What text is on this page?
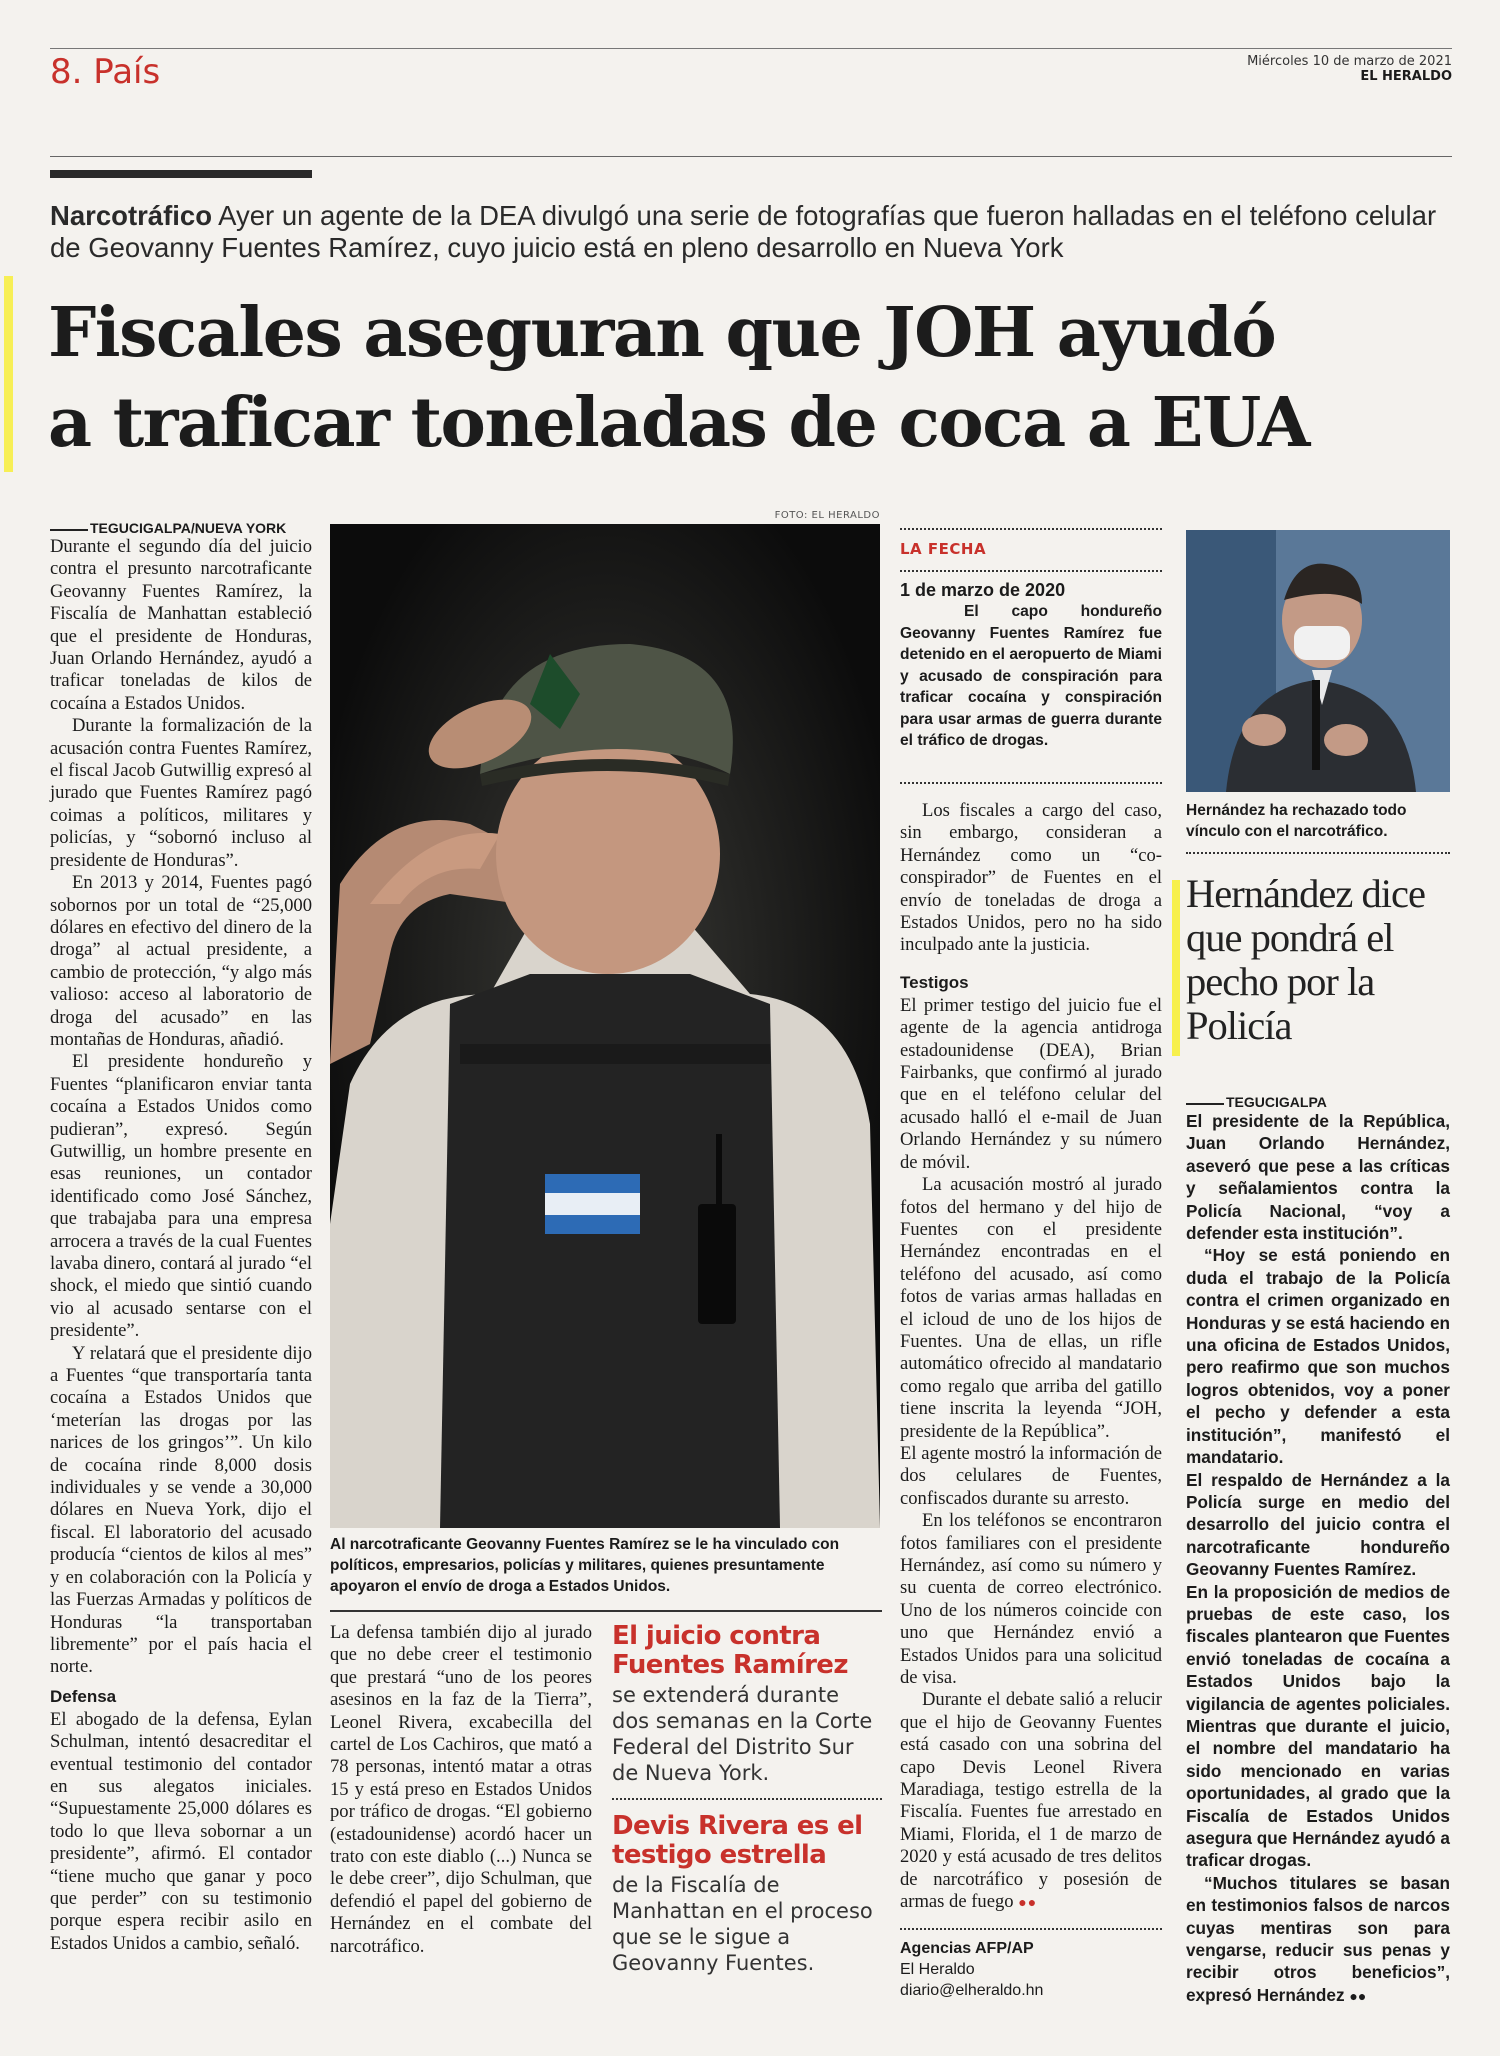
8. País	Miércoles 10 de marzo de 2021
EL HERALDO
Narcotráfico Ayer un agente de la DEA divulgó una serie de fotografías que fueron halladas en el teléfono celular de Geovanny Fuentes Ramírez, cuyo juicio está en pleno desarrollo en Nueva York
Fiscales aseguran que JOH ayudó
a traficar toneladas de coca a EUA
TEGUCIGALPA/NUEVA YORK

Durante el segundo día del juicio contra el presunto narcotraficante Geovanny Fuentes Ramírez, la Fiscalía de Manhattan estableció que el presidente de Honduras, Juan Orlando Hernández, ayudó a traficar toneladas de kilos de cocaína a Estados Unidos.

Durante la formalización de la acusación contra Fuentes Ramírez, el fiscal Jacob Gutwillig expresó al jurado que Fuentes Ramírez pagó coimas a políticos, militares y policías, y “sobornó incluso al presidente de Honduras”.

En 2013 y 2014, Fuentes pagó sobornos por un total de “25,000 dólares en efectivo del dinero de la droga” al actual presidente, a cambio de protección, “y algo más valioso: acceso al laboratorio de droga del acusado” en las montañas de Honduras, añadió.

El presidente hondureño y Fuentes “planificaron enviar tanta cocaína a Estados Unidos como pudieran”, expresó. Según Gutwillig, un hombre presente en esas reuniones, un contador identificado como José Sánchez, que trabajaba para una empresa arrocera a través de la cual Fuentes lavaba dinero, contará al jurado “el shock, el miedo que sintió cuando vio al acusado sentarse con el presidente”.

Y relatará que el presidente dijo a Fuentes “que transportaría tanta cocaína a Estados Unidos que ‘meterían las drogas por las narices de los gringos’”. Un kilo de cocaína rinde 8,000 dosis individuales y se vende a 30,000 dólares en Nueva York, dijo el fiscal. El laboratorio del acusado producía “cientos de kilos al mes” y en colaboración con la Policía y las Fuerzas Armadas y políticos de Honduras “la transportaban libremente” por el país hacia el norte.

Defensa

El abogado de la defensa, Eylan Schulman, intentó desacreditar el eventual testimonio del contador en sus alegatos iniciales. “Supuestamente 25,000 dólares es todo lo que lleva sobornar a un presidente”, afirmó. El contador “tiene mucho que ganar y poco que perder” con su testimonio porque espera recibir asilo en Estados Unidos a cambio, señaló.

FOTO: EL HERALDO
Al narcotraficante Geovanny Fuentes Ramírez se le ha vinculado con políticos, empresarios, policías y militares, quienes presuntamente apoyaron el envío de droga a Estados Unidos.

La defensa también dijo al jurado que no debe creer el testimonio que prestará “uno de los peores asesinos en la faz de la Tierra”, Leonel Rivera, excabecilla del cartel de Los Cachiros, que mató a 78 personas, intentó matar a otras 15 y está preso en Estados Unidos por tráfico de drogas. “El gobierno (estadounidense) acordó hacer un trato con este diablo (...) Nunca se le debe creer”, dijo Schulman, que defendió el papel del gobierno de Hernández en el combate del narcotráfico.

El juicio contra Fuentes Ramírez
se extenderá durante dos semanas en la Corte Federal del Distrito Sur de Nueva York.
Devis Rivera es el testigo estrella
de la Fiscalía de Manhattan en el proceso que se le sigue a Geovanny Fuentes.
LA FECHA
1 de marzo de 2020

El capo hondureño Geovanny Fuentes Ramírez fue detenido en el aeropuerto de Miami y acusado de conspiración para traficar cocaína y conspiración para usar armas de guerra durante el tráfico de drogas.

Los fiscales a cargo del caso, sin embargo, consideran a Hernández como un “co-conspirador” de Fuentes en el envío de toneladas de droga a Estados Unidos, pero no ha sido inculpado ante la justicia.

Testigos

El primer testigo del juicio fue el agente de la agencia antidroga estadounidense (DEA), Brian Fairbanks, que confirmó al jurado que en el teléfono celular del acusado halló el e-mail de Juan Orlando Hernández y su número de móvil.

La acusación mostró al jurado fotos del hermano y del hijo de Fuentes con el presidente Hernández encontradas en el teléfono del acusado, así como fotos de varias armas halladas en el icloud de uno de los hijos de Fuentes. Una de ellas, un rifle automático ofrecido al mandatario como regalo que arriba del gatillo tiene inscrita la leyenda “JOH, presidente de la República”.

El agente mostró la información de dos celulares de Fuentes, confiscados durante su arresto.

En los teléfonos se encontraron fotos familiares con el presidente Hernández, así como su número y su cuenta de correo electrónico. Uno de los números coincide con uno que Hernández envió a Estados Unidos para una solicitud de visa.

Durante el debate salió a relucir que el hijo de Geovanny Fuentes está casado con una sobrina del capo Devis Leonel Rivera Maradiaga, testigo estrella de la Fiscalía. Fuentes fue arrestado en Miami, Florida, el 1 de marzo de 2020 y está acusado de tres delitos de narcotráfico y posesión de armas de fuego ●●

Agencias AFP/AP
El Heraldo
diario@elheraldo.hn
Hernández ha rechazado todo vínculo con el narcotráfico.
Hernández dice que pondrá el pecho por la Policía
TEGUCIGALPA

El presidente de la República, Juan Orlando Hernández, aseveró que pese a las críticas y señalamientos contra la Policía Nacional, “voy a defender esta institución”.

“Hoy se está poniendo en duda el trabajo de la Policía contra el crimen organizado en Honduras y se está haciendo en una oficina de Estados Unidos, pero reafirmo que son muchos logros obtenidos, voy a poner el pecho y defender a esta institución”, manifestó el mandatario.

El respaldo de Hernández a la Policía surge en medio del desarrollo del juicio contra el narcotraficante hondureño Geovanny Fuentes Ramírez.

En la proposición de medios de pruebas de este caso, los fiscales plantearon que Fuentes envió toneladas de cocaína a Estados Unidos bajo la vigilancia de agentes policiales. Mientras que durante el juicio, el nombre del mandatario ha sido mencionado en varias oportunidades, al grado que la Fiscalía de Estados Unidos asegura que Hernández ayudó a traficar drogas.

“Muchos titulares se basan en testimonios falsos de narcos cuyas mentiras son para vengarse, reducir sus penas y recibir otros beneficios”, expresó Hernández ●●
